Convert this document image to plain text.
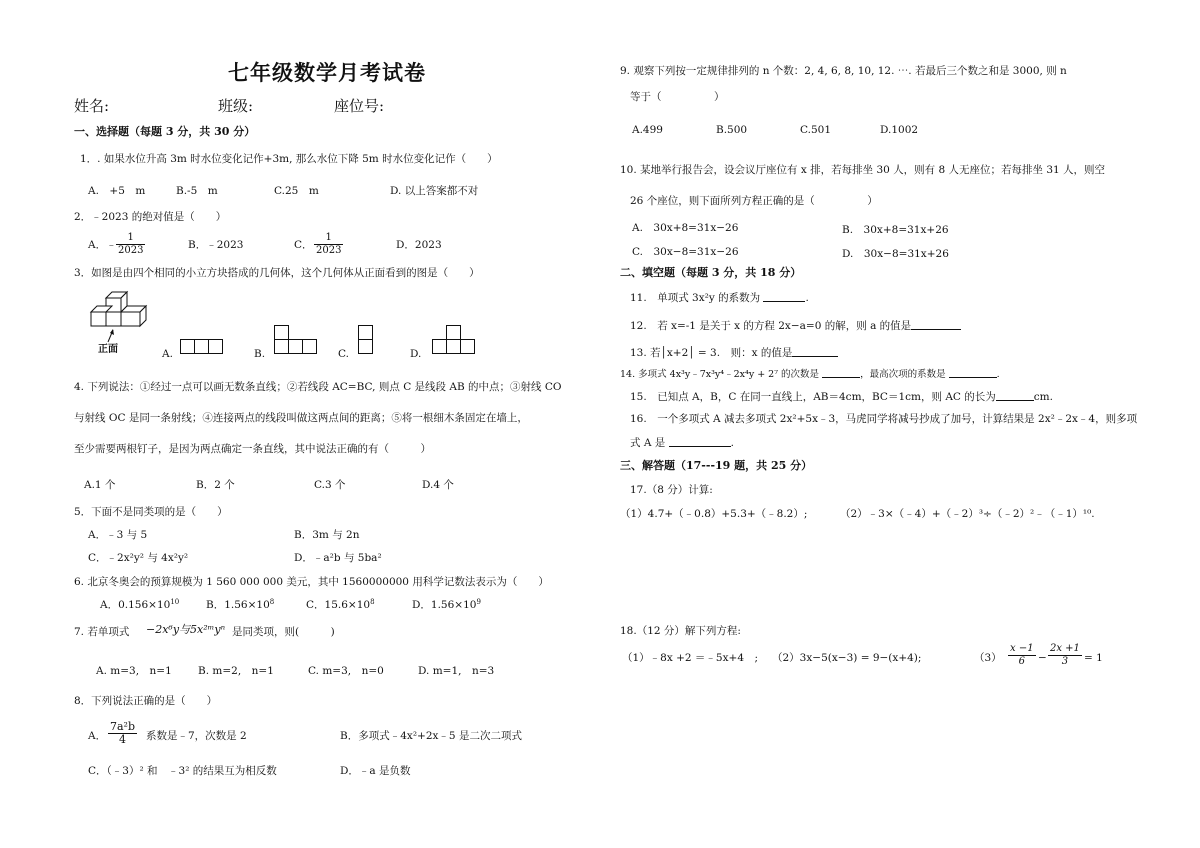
七年级数学月考试卷
姓名:	班级:	座位号:
一、选择题（每题 3 分，共 30 分）
1．. 如果水位升高 3m 时水位变化记作+3m, 那么水位下降 5m 时水位变化记作（　　）
A.　+5　m	B.-5　m	C.25　m	D. 以上答案都不对
2．﹣2023 的绝对值是（　　）
A．﹣ $\frac{1}{2023}$	B．﹣2023	C． $\frac{1}{2023}$	D．2023
3．如图是由四个相同的小立方块搭成的几何体，这个几何体从正面看到的图是（　　）
正面	A.	B.	C.	D.
4. 下列说法：①经过一点可以画无数条直线；②若线段 AC=BC, 则点 C 是线段 AB 的中点；③射线 CO
与射线 OC 是同一条射线；④连接两点的线段叫做这两点间的距离；⑤将一根细木条固定在墙上，
至少需要两根钉子，是因为两点确定一条直线，其中说法正确的有（　　　）
A.1 个	B．2 个	C.3 个	D.4 个
5．下面不是同类项的是（　　）
A．﹣3 与 5	B．3m 与 2n
C．﹣2x²y² 与 4x²y²	D．﹣a²b 与 5ba²
6. 北京冬奥会的预算规模为 1 560 000 000 美元，其中 1560000000 用科学记数法表示为（　　）
A．$0.156\times 10^{10}$	B．$1.56\times 10^8$	C．$15.6\times 10^8$	D．$1.56\times 10^9$
7. 若单项式 −2x⁶y与5x²ᵐyⁿ 是同类项，则(　　　)
A. m=3,　n=1 B. m=2,　n=1	C. m=3,　n=0	D. m=1,　n=3
8．下列说法正确的是（　　）
A． $\frac{\text{7a²b}}{4}$ 系数是﹣7，次数是 2	B．多项式﹣4x²+2x﹣5 是二次二项式
C．（﹣3）² 和　﹣3² 的结果互为相反数	D．﹣a 是负数
9. 观察下列按一定规律排列的 n 个数：2, 4, 6, 8, 10, 12. ⋯. 若最后三个数之和是 3000, 则 n
等于（　　　　　）
A.499	B.500	C.501	D.1002
10. 某地举行报告会，设会议厅座位有 x 排，若每排坐 30 人，则有 8 人无座位；若每排坐 31 人，则空
26 个座位，则下面所列方程正确的是（　　　　　）
A.　30x+8=31x−26	B.　30x+8=31x+26
C.　30x−8=31x−26	D.　30x−8=31x+26
二、填空题（每题 3 分，共 18 分）
11.　单项式 3x²y 的系数为	.
12.　若 x=-1 是关于 x 的方程 2x−a=0 的解，则 a 的值是
13. 若│x+2│ = 3.　则：x 的值是
14. 多项式 4x³y﹣7x³y⁴﹣2x⁴y + 2⁷ 的次数是	，最高次项的系数是	.
15.　已知点 A，B，C 在同一直线上，AB＝4cm，BC＝1cm，则 AC 的长为	cm.
16.　一个多项式 A 减去多项式 2x²+5x﹣3，马虎同学将减号抄成了加号，计算结果是 2x²﹣2x﹣4，则多项
式 A 是	.
三、解答题（17---19 题，共 25 分）
17.（8 分）计算:
（1）4.7+（﹣0.8）+5.3+（﹣8.2）;	（2）﹣3×（﹣4）+（﹣2）³÷（﹣2）²﹣（﹣1）¹⁰.
18.（12 分）解下列方程:
（1）﹣8x +2 ＝﹣5x+4　; （2）3x−5(x−3) = 9−(x+4);	$(3) \frac{x -1}{6} - \frac{2x +1}{3} = 1$
